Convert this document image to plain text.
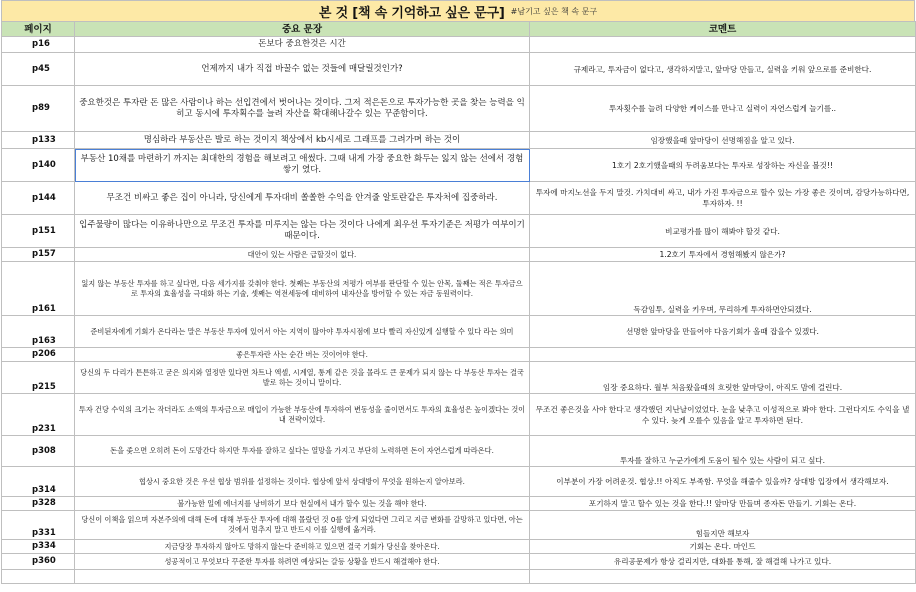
본 것 [책 속 기억하고 싶은 문구] #남기고 싶은 책 속 문구
페이지	중요 문장	코멘트
p16	돈보다 중요한것은 시간	
p45	언제까지 내가 직접 바꿀수 없는 것들에 매달릴것인가?	규제라고, 투자금이 없다고, 생각하지말고, 앞마당 만들고, 실력을 키워 앞으로를 준비한다.
p89	중요한것은 투자란 돈 많은 사람이나 하는 선입견에서 벗어나는 것이다. 그저 적은돈으로 투자가능한 곳을 찾는 능력을 익히고 동시에 투자획수를 늘려 자산을 확대해나갈수 있는 꾸준함이다.	투자횟수를 늘려 다양한 케이스를 만나고 실력이 자연스럽게 늘기를..
p133	명심하라 부동산은 발로 하는 것이지 책상에서 kb시세로 그래프를 그려가며 하는 것이	임장했을때 앞마당이 선명해짐을 알고 있다.
p140	부동산 10채를 마련하기 까지는 최대한의 경험을 해보려고 애썼다. 그때 내게 가장 중요한 화두는 잃지 않는 선에서 경험 쌓기 였다.	1호기 2호기했을때의 두려움보다는 투자로 성장하는 자신을 볼것!!
p144	무조건 비싸고 좋은 집이 아니라, 당신에게 투자대비 쏠쏠한 수익을 안겨줄 알토란같은 투자처에 집중하라.	투자에 마지노선을 두지 말것. 가치대비 싸고, 내가 가진 투자금으로 할수 있는 가장 좋은 것이며, 감당가능하다면, 투자하자. !!
p151	입주물량이 많다는 이유하나만으로 무조건 투자를 미루지는 않는 다는 것이다 나에게 최우선 투자기준은 저평가 여부이기 때문이다.	비교평가를 많이 해봐야 할것 같다.
p157	대안이 있는 사람은 급할것이 없다.	1.2호기 투자에서 경험해봤지 않은가?
p161	잃지 않는 부동산 투자를 하고 싶다면, 다음 세가지를 갖춰야 한다. 첫째는 부동산의 저평가 여부를 판단할 수 있는 안목, 둘째는 적은 투자금으로 투자의 효율성을 극대화 하는 기술, 셋째는 역전세등에 대비하여 내자산을 방어할 수 있는 자금 동원력이다.	독감임투, 실력을 키우며, 무리하게 투자하면안되겠다.
p163	준비된자에게 기회가 온다라는 말은 부동산 투자에 있어서 아는 지역이 많아야 투자시점에 보다 빨리 자신있게 실행할 수 있다 라는 의미	선명한 앞마당을 만들어야 다음기회가 올때 잡을수 있겠다.
p206	좋은투자란 사는 순간 버는 것이어야 한다.	
p215	당신의 두 다리가 튼튼하고 굳은 의지와 열정만 있다면 차트나 엑셀, 시계열, 통계 같은 것을 몰라도 큰 문제가 되지 않는 다 부동산 투자는 결국 발로 하는 것이니 말이다.	임장 중요하다. 월부 처음왔을때의 흐릿한 앞마당이, 아직도 맘에 걸린다.
p231	투자 건당 수익의 크기는 작더라도 소액의 투자금으로 매입이 가능한 부동산에 투자하여 변동성을 줄이면서도 투자의 효율성은 높이겠다는 것이 내 전략이었다.	무조건 좋은것을 사야 한다고 생각했던 지난날이었었다. 눈을 낮추고 이성적으로 봐야 한다. 그런다지도 수익을 낼수 있다. 늦게 오를수 있음을 알고 투자하면 된다.
p308	돈을 좇으면 오히려 돈이 도망간다 하지만 투자를 잘하고 싶다는 열망을 가지고 부단히 노력하면 돈이 자연스럽게 따라온다.	투자를 잘하고 누군가에게 도움이 될수 있는 사람이 되고 싶다.
p314	협상시 중요한 것은 우선 협상 범위를 설정하는 것이다. 협상에 앞서 상대방이 무엇을 원하는지 알아보라.	이부분이 가장 어려운것. 협상.!! 아직도 부족함. 무엇을 해줄수 있을까? 상대방 입장에서 생각해보자.
p328	불가능한 일에 에너지를 낭비하기 보다 현실에서 내가 할수 있는 것을 해야 한다.	포기하지 말고 할수 있는 것을 한다.!! 앞마당 만들며 종자돈 만들기. 기회는 온다.
p331	당신이 이책을 읽으며 자본주의에 대해 돈에 대해 부동산 투자에 대해 몰랐던 것 0를 알게 되었다면 그리고 지금 변화를 갈망하고 있다면, 아는 것에서 멈추지 말고 반드시 이를 실행에 옮겨라.	힘들지만 해보자
p334	지금당장 투자하지 않아도 망하지 않는다 준비하고 있으면 결국 기회가 당신을 찾아온다.	기회는 온다. 마인드
p360	성공적이고 무엇보다 꾸준한 투자를 하려면 예상되는 갈등 상황을 반드시 해결해야 한다.	유리공문제가 항상 걸리지만, 대화를 통해, 잘 해결해 나가고 있다.
